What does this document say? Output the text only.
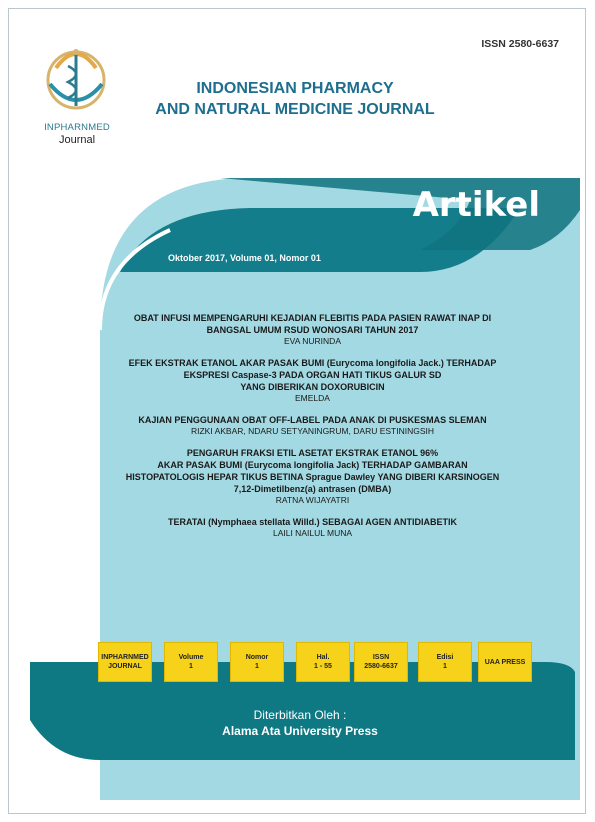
INPHARNMED
Journal
ISSN 2580-6637
INDONESIAN PHARMACY
AND NATURAL MEDICINE JOURNAL
Artikel
Oktober 2017, Volume 01, Nomor 01
OBAT INFUSI MEMPENGARUHI KEJADIAN FLEBITIS PADA PASIEN RAWAT INAP DI
BANGSAL UMUM RSUD WONOSARI TAHUN 2017
EVA NURINDA
EFEK EKSTRAK ETANOL AKAR PASAK BUMI (Eurycoma longifolia Jack.) TERHADAP
EKSPRESI Caspase-3 PADA ORGAN HATI TIKUS GALUR SD
YANG DIBERIKAN DOXORUBICIN
EMELDA
KAJIAN PENGGUNAAN OBAT OFF-LABEL PADA ANAK DI PUSKESMAS SLEMAN
RIZKI AKBAR, NDARU SETYANINGRUM, DARU ESTININGSIH
PENGARUH FRAKSI ETIL ASETAT EKSTRAK ETANOL 96%
AKAR PASAK BUMI (Eurycoma longifolia Jack) TERHADAP GAMBARAN
HISTOPATOLOGIS HEPAR TIKUS BETINA Sprague Dawley YANG DIBERI KARSINOGEN
7,12-Dimetilbenz(a) antrasen (DMBA)
RATNA WIJAYATRI
TERATAI (Nymphaea stellata Willd.) SEBAGAI AGEN ANTIDIABETIK
LAILI NAILUL MUNA
INPHARNMED
JOURNAL
Volume
1
Nomor
1
Hal.
1 - 55
ISSN
2580-6637
Edisi
1
UAA PRESS
Diterbitkan Oleh :
Alama Ata University Press
